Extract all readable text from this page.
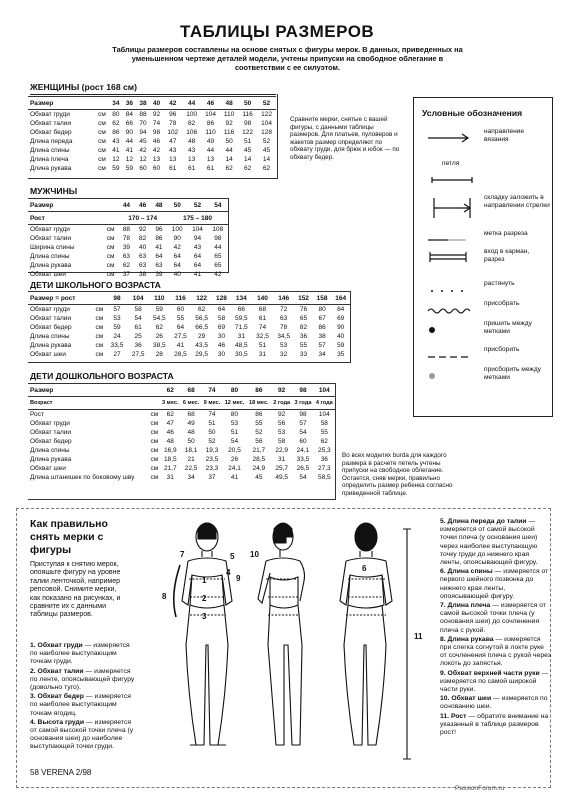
ТАБЛИЦЫ РАЗМЕРОВ
Таблицы размеров составлены на основе снятых с фигуры мерок. В данных, приведенных на уменьшенном чертеже деталей модели, учтены припуски на свободное облегание в соответствии с ее силуэтом.
ЖЕНЩИНЫ (рост 168 см)
Размер		34	36	38	40	42	44	46	48	50	52
Обхват груди	см	80	84	88	92	96	100	104	110	116	122
Обхват талии	см	62	66	70	74	78	82	86	92	98	104
Обхват бедер	см	86	90	94	98	102	106	110	116	122	128
Длина переда	см	43	44	45	46	47	48	49	50	51	52
Длина спины	см	41	41	42	42	43	43	44	44	45	45
Длина плеча	см	12	12	12	13	13	13	13	14	14	14
Длина рукава	см	59	59	60	60	61	61	61	62	62	62
Сравните мерки, снятые с вашей фигуры, с данными таблицы размеров. Для платьев, пуловеров и жакетов размер определяют по обхвату груди, для брюк и юбок — по обхвату бедер.
МУЖЧИНЫ
Размер		44	46	48	50	52	54
Рост		170 – 174			175 – 180		
Обхват груди	см	88	92	96	100	104	108
Обхват талии	см	78	82	86	90	94	98
Ширина спины	см	39	40	41	42	43	44
Длина спины	см	63	63	64	64	64	65
Длина рукава	см	62	63	63	64	64	65
Обхват шеи	см	37	38	39	40	41	42
ДЕТИ ШКОЛЬНОГО ВОЗРАСТА
Размер = рост		98	104	110	116	122	128	134	140	146	152	158	164
Обхват груди	см	57	58	59	60	62	64	66	68	72	76	80	84
Обхват талии	см	53	54	54,5	55	56,5	58	59,5	61	63	65	67	69
Обхват бедер	см	59	61	62	64	66,5	69	71,5	74	78	82	86	90
Длина спины	см	24	25	26	27,5	29	30	31	32,5	34,5	36	38	40
Длина рукава	см	33,5	36	38,5	41	43,5	46	48,5	51	53	55	57	59
Обхват шеи	см	27	27,5	28	28,5	29,5	30	30,5	31	32	33	34	35
ДЕТИ ДОШКОЛЬНОГО ВОЗРАСТА
Размер		62	68	74	80	86	92	98	104
Возраст		3 мес.	6 мес.	9 мес.	12 мес.	18 мес.	2 года	3 года	4 года
Рост	см	62	68	74	80	86	92	98	104
Обхват груди	см	47	49	51	53	55	56	57	58
Обхват талии	см	46	48	50	51	52	53	54	55
Обхват бедер	см	48	50	52	54	56	58	60	62
Длина спины	см	16,9	18,1	19,3	20,5	21,7	22,9	24,1	25,3
Длина рукава	см	18,5	21	23,5	26	28,5	31	33,5	36
Обхват шеи	см	21,7	22,5	23,3	24,1	24,9	25,7	26,5	27,3
Длина штанишек по боковому шву	см	31	34	37	41	45	49,5	54	58,5
Во всех моделях burda для каждого размера в расчете петель учтены припуски на свободное облегание. Остается, сняв мерки, правильно определить размер ребенка согласно приведенной таблице.
Условные обозначения
направление вязания
петля
складку заложить в направлении стрелки
метка разреза
вход в карман, разрез
растянуть
присобрать
пришить между метками
присборить
присборить между метками
Как правильно снять мерки с фигуры
Приступая к снятию мерок, опояшьте фигуру на уровне талии ленточкой, например репсовой. Снимите мерки, как показано на рисунках, и сравните их с данными таблицы размеров.
1. Обхват груди — измеряется по наиболее выступающим точкам груди.
2. Обхват талии — измеряется по ленте, опоясывающей фигуру (довольно туго).
3. Обхват бедер — измеряется по наиболее выступающим точкам ягодиц.
4. Высота груди — измеряется от самой высокой точки плеча (у основания шеи) до наиболее выступающей точки груди.
5. Длина переда до талии — измеряется от самой высокой точки плеча (у основания шеи) через наиболее выступающую точку груди до нижнего края ленты, опоясывающей фигуру.
6. Длина спины — измеряется от первого шейного позвонка до нижнего края ленты, опоясывающей фигуру.
7. Длина плеча — измеряется от самой высокой точки плеча (у основания шеи) до сочленения плеча с рукой.
8. Длина рукава — измеряется при слегка согнутой в локте руке от сочленения плеча с рукой через локоть до запястья.
9. Обхват верхней части руки — измеряется по самой широкой части руки.
10. Обхват шеи — измеряется по основанию шеи.
11. Рост — обратите внимание на указанный в таблице размеров рост!
1
2
3
4
5
6
7
8
9
10
11
58 VERENA 2/98
PassionForum.ru
